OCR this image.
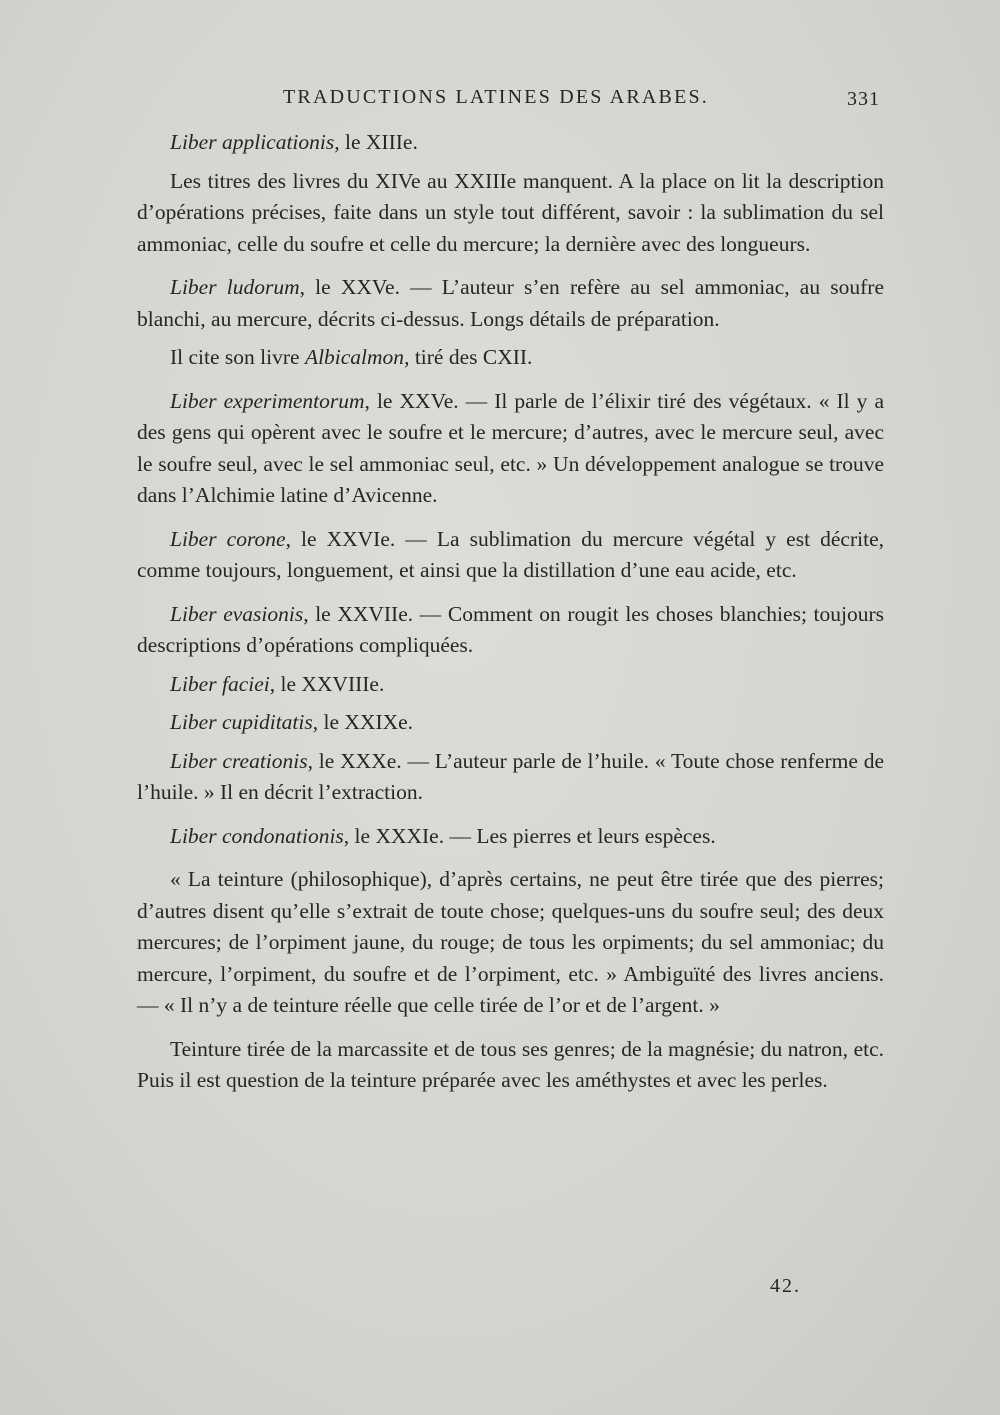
TRADUCTIONS LATINES DES ARABES.	331

Liber applicationis, le XIIIe.

Les titres des livres du XIVe au XXIIIe manquent. A la place on lit la description d’opérations précises, faite dans un style tout différent, savoir : la sublimation du sel ammoniac, celle du soufre et celle du mercure; la dernière avec des longueurs.

Liber ludorum, le XXVe. — L’auteur s’en refère au sel ammoniac, au soufre blanchi, au mercure, décrits ci-dessus. Longs détails de préparation.

Il cite son livre Albicalmon, tiré des CXII.

Liber experimentorum, le XXVe. — Il parle de l’élixir tiré des végétaux. « Il y a des gens qui opèrent avec le soufre et le mercure; d’autres, avec le mercure seul, avec le soufre seul, avec le sel ammoniac seul, etc. » Un développement analogue se trouve dans l’Alchimie latine d’Avicenne.

Liber corone, le XXVIe. — La sublimation du mercure végétal y est décrite, comme toujours, longuement, et ainsi que la distillation d’une eau acide, etc.

Liber evasionis, le XXVIIe. — Comment on rougit les choses blanchies; toujours descriptions d’opérations compliquées.

Liber faciei, le XXVIIIe.

Liber cupiditatis, le XXIXe.

Liber creationis, le XXXe. — L’auteur parle de l’huile. « Toute chose renferme de l’huile. » Il en décrit l’extraction.

Liber condonationis, le XXXIe. — Les pierres et leurs espèces.

« La teinture (philosophique), d’après certains, ne peut être tirée que des pierres; d’autres disent qu’elle s’extrait de toute chose; quelques-uns du soufre seul; des deux mercures; de l’orpiment jaune, du rouge; de tous les orpiments; du sel ammoniac; du mercure, l’orpiment, du soufre et de l’orpiment, etc. » Ambiguïté des livres anciens. — « Il n’y a de teinture réelle que celle tirée de l’or et de l’argent. »

Teinture tirée de la marcassite et de tous ses genres; de la magnésie; du natron, etc. Puis il est question de la teinture préparée avec les améthystes et avec les perles.

42.
